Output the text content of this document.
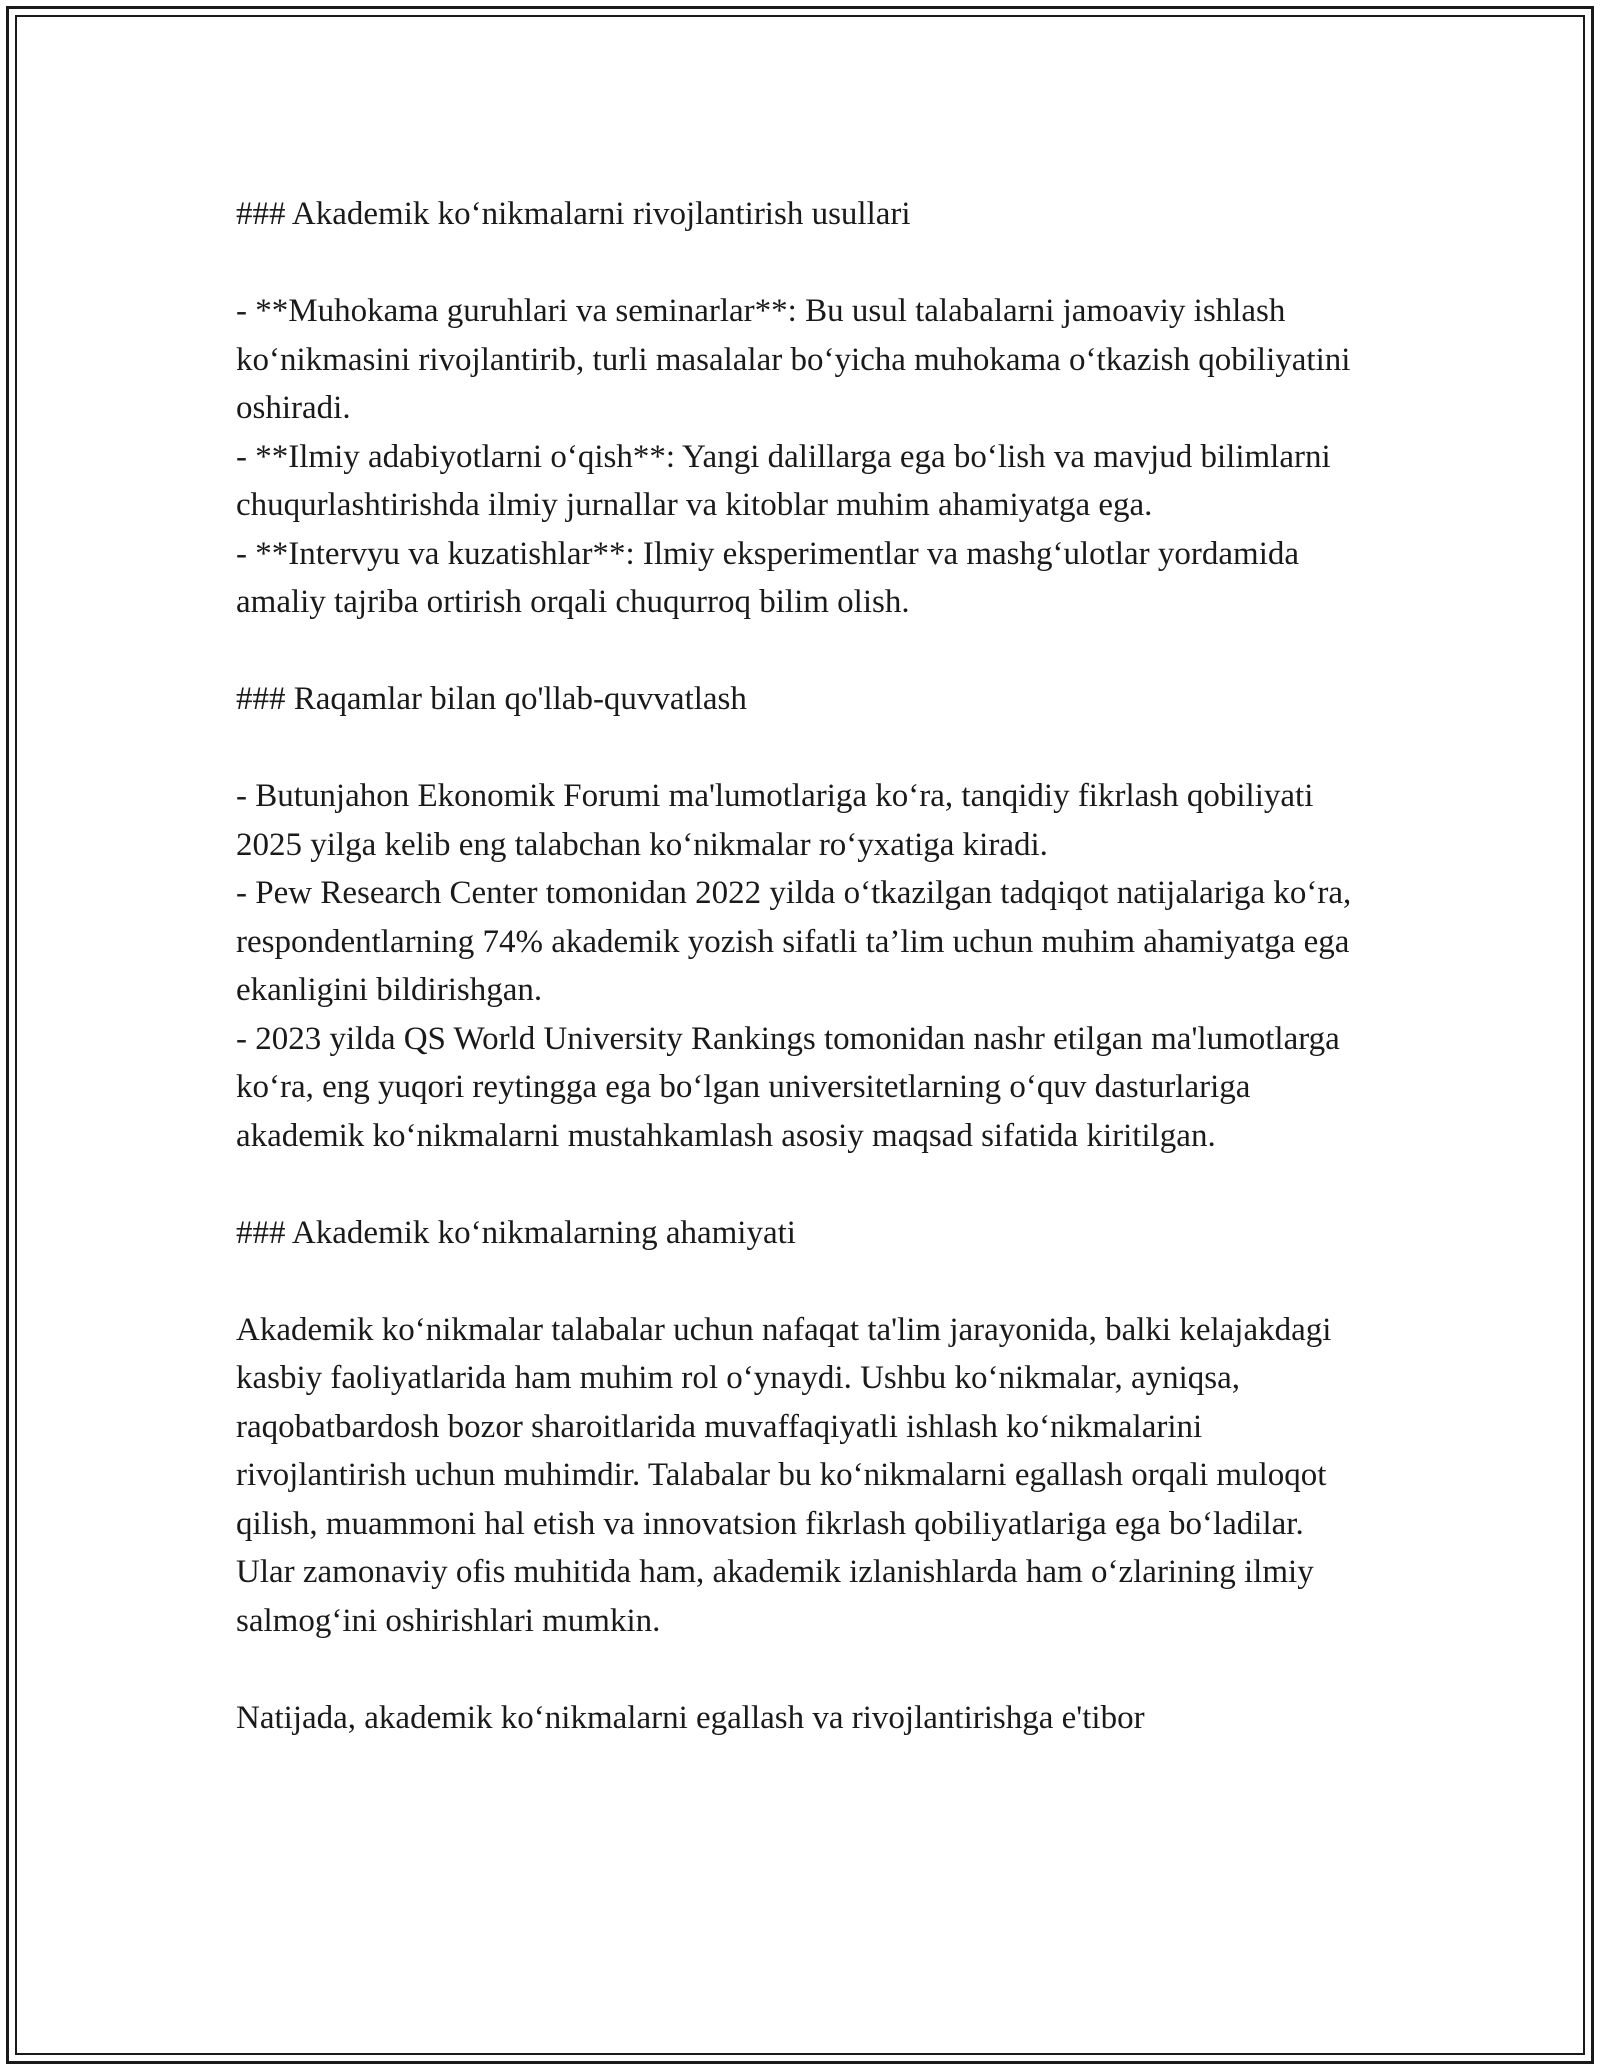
### Akademik ko‘nikmalarni rivojlantirish usullari

- **Muhokama guruhlari va seminarlar**: Bu usul talabalarni jamoaviy ishlash ko‘nikmasini rivojlantirib, turli masalalar bo‘yicha muhokama o‘tkazish qobiliyatini oshiradi.
- **Ilmiy adabiyotlarni o‘qish**: Yangi dalillarga ega bo‘lish va mavjud bilimlarni chuqurlashtirishda ilmiy jurnallar va kitoblar muhim ahamiyatga ega.
- **Intervyu va kuzatishlar**: Ilmiy eksperimentlar va mashg‘ulotlar yordamida amaliy tajriba ortirish orqali chuqurroq bilim olish.

### Raqamlar bilan qo'llab-quvvatlash

- Butunjahon Ekonomik Forumi ma'lumotlariga ko‘ra, tanqidiy fikrlash qobiliyati 2025 yilga kelib eng talabchan ko‘nikmalar ro‘yxatiga kiradi.
- Pew Research Center tomonidan 2022 yilda o‘tkazilgan tadqiqot natijalariga ko‘ra, respondentlarning 74% akademik yozish sifatli ta’lim uchun muhim ahamiyatga ega ekanligini bildirishgan.
- 2023 yilda QS World University Rankings tomonidan nashr etilgan ma'lumotlarga ko‘ra, eng yuqori reytingga ega bo‘lgan universitetlarning o‘quv dasturlariga akademik ko‘nikmalarni mustahkamlash asosiy maqsad sifatida kiritilgan.

### Akademik ko‘nikmalarning ahamiyati

Akademik ko‘nikmalar talabalar uchun nafaqat ta'lim jarayonida, balki kelajakdagi kasbiy faoliyatlarida ham muhim rol o‘ynaydi. Ushbu ko‘nikmalar, ayniqsa, raqobatbardosh bozor sharoitlarida muvaffaqiyatli ishlash ko‘nikmalarini rivojlantirish uchun muhimdir. Talabalar bu ko‘nikmalarni egallash orqali muloqot qilish, muammoni hal etish va innovatsion fikrlash qobiliyatlariga ega bo‘ladilar. Ular zamonaviy ofis muhitida ham, akademik izlanishlarda ham o‘zlarining ilmiy salmog‘ini oshirishlari mumkin.

Natijada, akademik ko‘nikmalarni egallash va rivojlantirishga e'tibor
